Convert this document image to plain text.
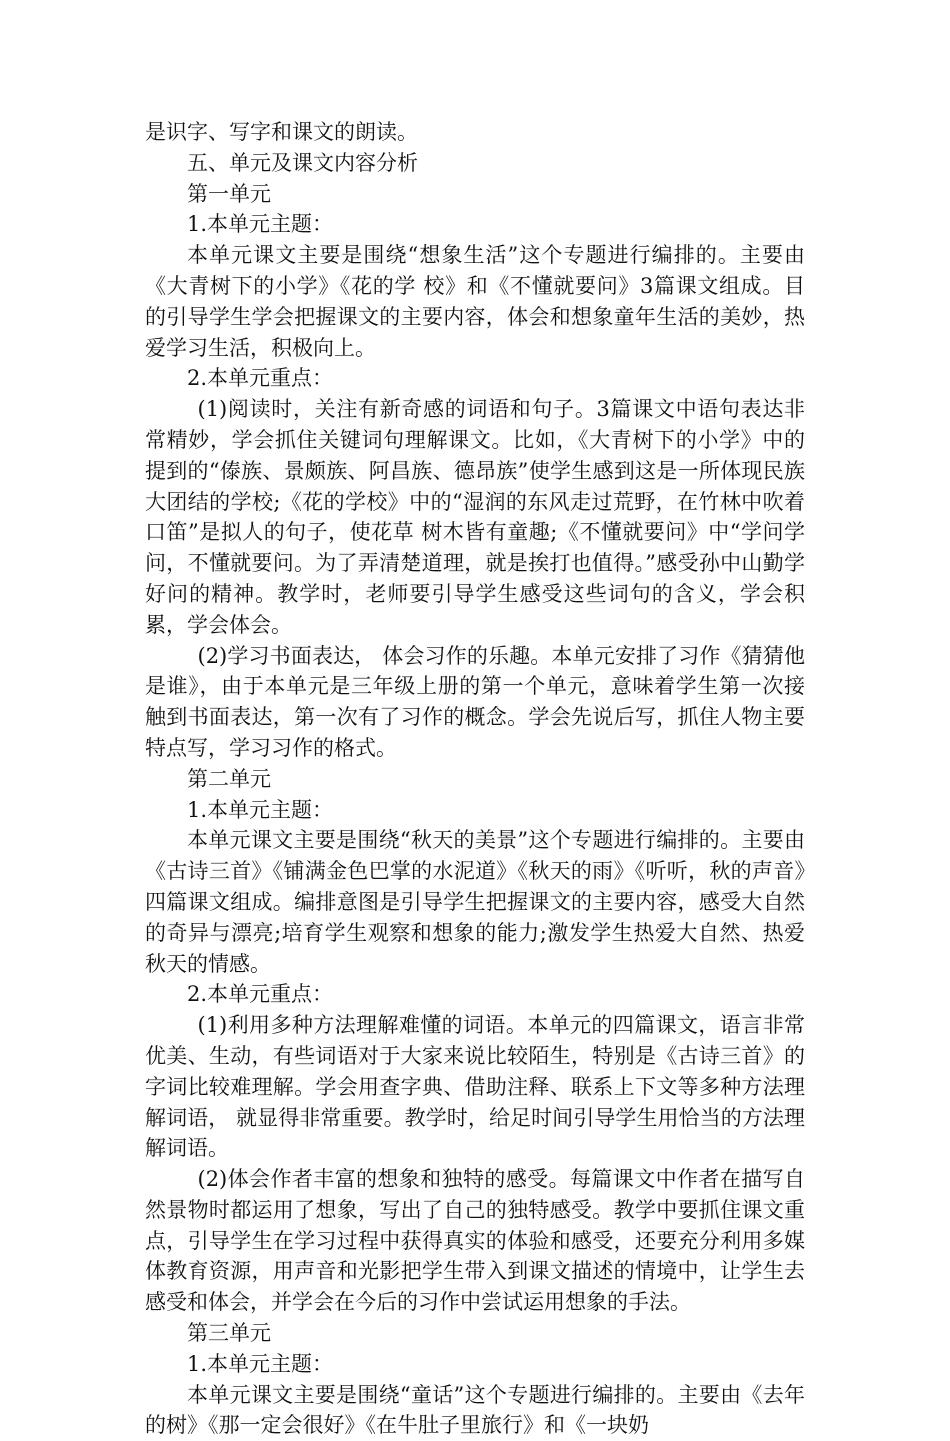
是识字、写字和课文的朗读。

五、单元及课文内容分析

第一单元

1.本单元主题：

本单元课文主要是围绕“想象生活”这个专题进行编排的。主要由《大青树下的小学》《花的学 校》和《不懂就要问》3篇课文组成。目的引导学生学会把握课文的主要内容，体会和想象童年生活的美妙，热爱学习生活，积极向上。

2.本单元重点：

(1)阅读时，关注有新奇感的词语和句子。3篇课文中语句表达非常精妙，学会抓住关键词句理解课文。比如，《大青树下的小学》中的提到的“傣族、景颇族、阿昌族、德昂族”使学生感到这是一所体现民族大团结的学校;《花的学校》中的“湿润的东风走过荒野，在竹林中吹着口笛”是拟人的句子，使花草 树木皆有童趣;《不懂就要问》中“学问学问，不懂就要问。为了弄清楚道理，就是挨打也值得。”感受孙中山勤学好问的精神。教学时，老师要引导学生感受这些词句的含义，学会积累，学会体会。

(2)学习书面表达， 体会习作的乐趣。本单元安排了习作《猜猜他是谁》，由于本单元是三年级上册的第一个单元，意味着学生第一次接触到书面表达，第一次有了习作的概念。学会先说后写，抓住人物主要特点写，学习习作的格式。

第二单元

1.本单元主题：

本单元课文主要是围绕“秋天的美景”这个专题进行编排的。主要由《古诗三首》《铺满金色巴掌的水泥道》《秋天的雨》《听听，秋的声音》四篇课文组成。编排意图是引导学生把握课文的主要内容，感受大自然的奇异与漂亮;培育学生观察和想象的能力;激发学生热爱大自然、热爱秋天的情感。

2.本单元重点：

(1)利用多种方法理解难懂的词语。本单元的四篇课文，语言非常优美、生动，有些词语对于大家来说比较陌生，特别是《古诗三首》的字词比较难理解。学会用查字典、借助注释、联系上下文等多种方法理解词语， 就显得非常重要。教学时，给足时间引导学生用恰当的方法理解词语。

(2)体会作者丰富的想象和独特的感受。每篇课文中作者在描写自然景物时都运用了想象，写出了自己的独特感受。教学中要抓住课文重点，引导学生在学习过程中获得真实的体验和感受，还要充分利用多媒体教育资源，用声音和光影把学生带入到课文描述的情境中，让学生去感受和体会，并学会在今后的习作中尝试运用想象的手法。

第三单元

1.本单元主题：

本单元课文主要是围绕“童话”这个专题进行编排的。主要由《去年的树》《那一定会很好》《在牛肚子里旅行》和《一块奶
